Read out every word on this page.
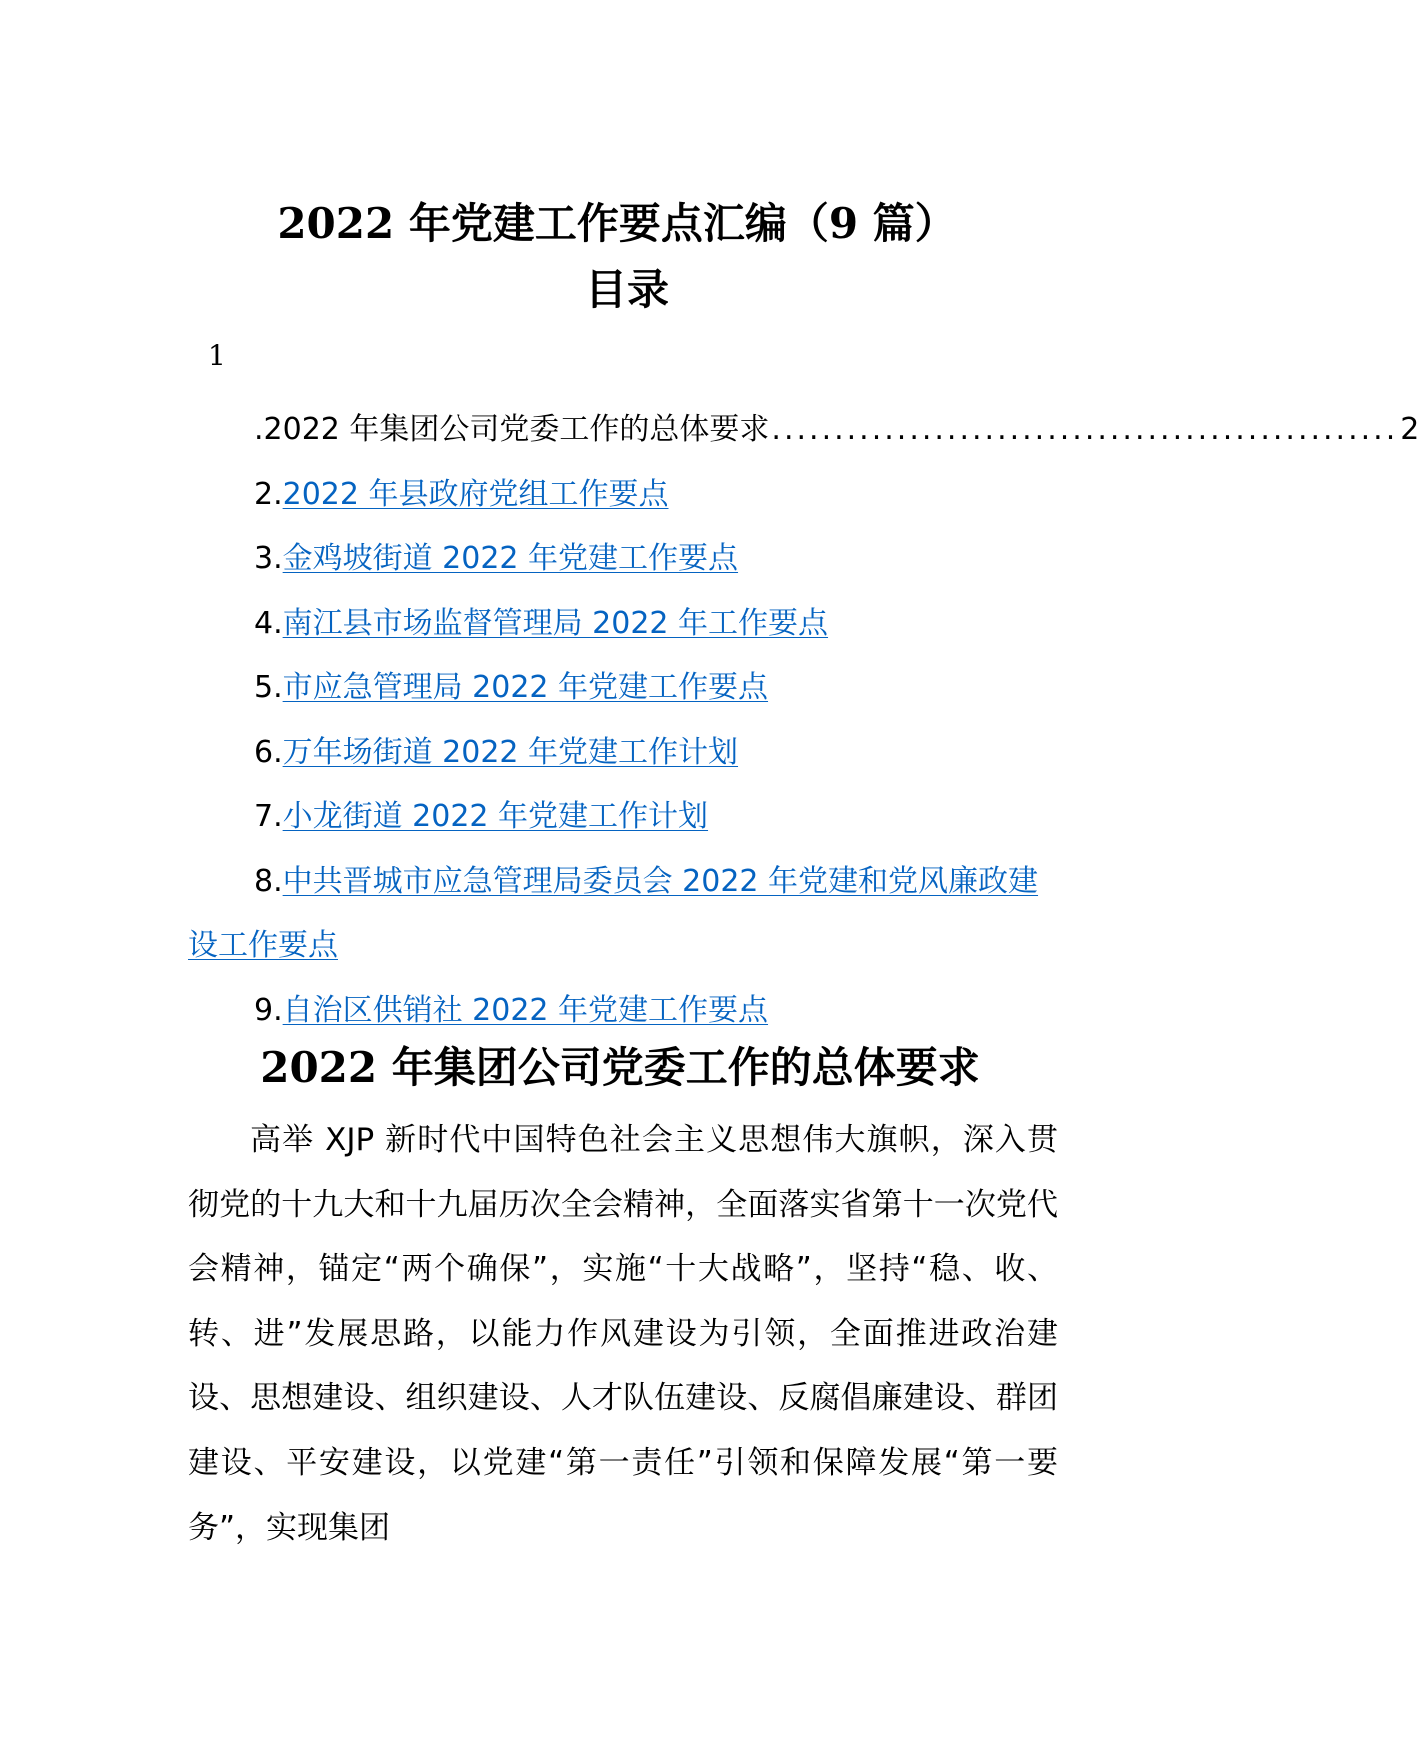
2022 年党建工作要点汇编（9 篇）
目录
1
.2022 年集团公司党委工作的总体要求 .................................................. 2
2.2022 年县政府党组工作要点
3.金鸡坡街道 2022 年党建工作要点
4.南江县市场监督管理局 2022 年工作要点
5.市应急管理局 2022 年党建工作要点
6.万年场街道 2022 年党建工作计划
7.小龙街道 2022 年党建工作计划
8.中共晋城市应急管理局委员会 2022 年党建和党风廉政建设工作要点
9.自治区供销社 2022 年党建工作要点
2022 年集团公司党委工作的总体要求

高举 XJP 新时代中国特色社会主义思想伟大旗帜，深入贯彻党的十九大和十九届历次全会精神，全面落实省第十一次党代会精神，锚定“两个确保”，实施“十大战略”，坚持“稳、收、转、进”发展思路，以能力作风建设为引领，全面推进政治建设、思想建设、组织建设、人才队伍建设、反腐倡廉建设、群团建设、平安建设，以党建“第一责任”引领和保障发展“第一要务”，实现集团
